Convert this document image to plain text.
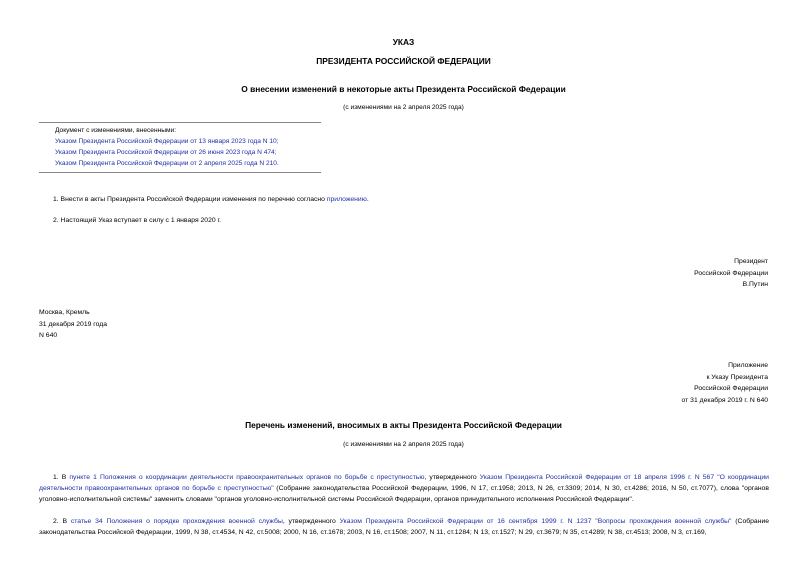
УКАЗ
ПРЕЗИДЕНТА РОССИЙСКОЙ ФЕДЕРАЦИИ
О внесении изменений в некоторые акты Президента Российской Федерации
(с изменениями на 2 апреля 2025 года)
Документ с изменениями, внесенными:
Указом Президента Российской Федерации от 13 января 2023 года N 10;
Указом Президента Российской Федерации от 26 июня 2023 года N 474;
Указом Президента Российской Федерации от 2 апреля 2025 года N 210.
1. Внести в акты Президента Российской Федерации изменения по перечню согласно приложению.
2. Настоящий Указ вступает в силу с 1 января 2020 г.
Президент
Российской Федерации
В.Путин
Москва, Кремль
31 декабря 2019 года
N 640
Приложение
к Указу Президента
Российской Федерации
от 31 декабря 2019 г. N 640
Перечень изменений, вносимых в акты Президента Российской Федерации
(с изменениями на 2 апреля 2025 года)
1. В пункте 1 Положения о координации деятельности правоохранительных органов по борьбе с преступностью, утвержденного Указом Президента Российской Федерации от 18 апреля 1996 г. N 567 "О координации деятельности правоохранительных органов по борьбе с преступностью" (Собрание законодательства Российской Федерации, 1996, N 17, ст.1958; 2013, N 26, ст.3309; 2014, N 30, ст.4286; 2016, N 50, ст.7077), слова "органов уголовно-исполнительной системы" заменить словами "органов уголовно-исполнительной системы Российской Федерации, органов принудительного исполнения Российской Федерации".
2. В статье 34 Положения о порядке прохождения военной службы, утвержденного Указом Президента Российской Федерации от 16 сентября 1999 г. N 1237 "Вопросы прохождения военной службы" (Собрание законодательства Российской Федерации, 1999, N 38, ст.4534, N 42, ст.5008; 2000, N 16, ст.1678; 2003, N 16, ст.1508; 2007, N 11, ст.1284; N 13, ст.1527; N 29, ст.3679; N 35, ст.4289; N 38, ст.4513; 2008, N 3, ст.169,
